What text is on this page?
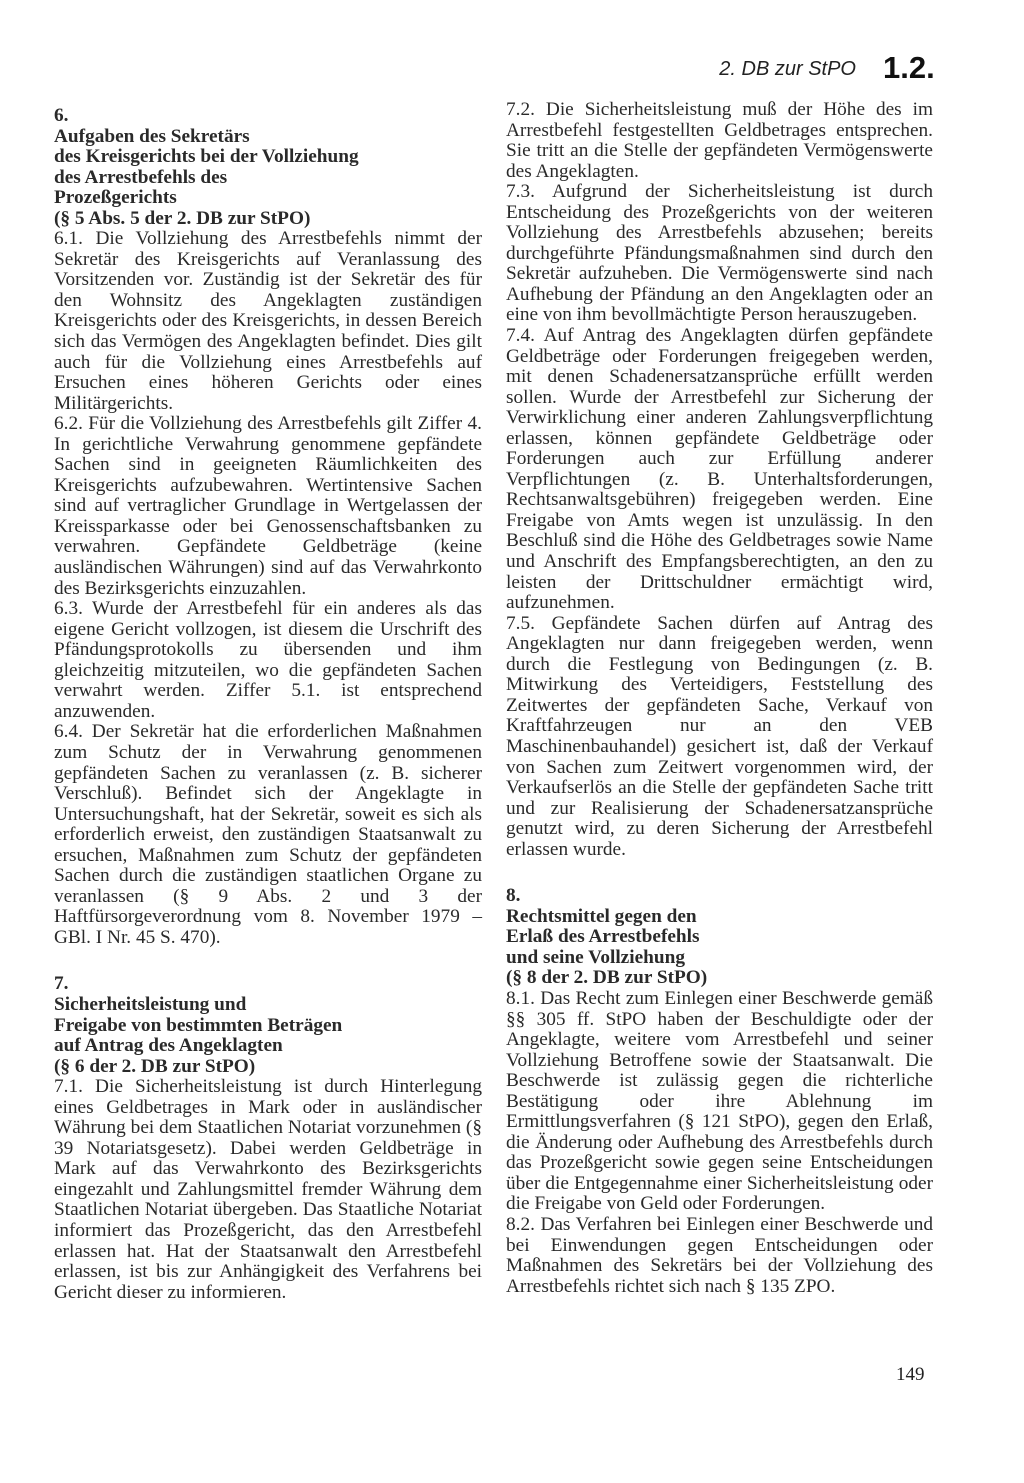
2. DB zur StPO 1.2.
6.
Aufgaben des Sekretärs
des Kreisgerichts bei der Vollziehung
des Arrestbefehls des
Prozeßgerichts
(§ 5 Abs. 5 der 2. DB zur StPO)

6.1. Die Vollziehung des Arrestbefehls nimmt der Sekretär des Kreisgerichts auf Veranlassung des Vorsitzenden vor. Zuständig ist der Sekretär des für den Wohnsitz des Angeklagten zuständigen Kreisgerichts oder des Kreisgerichts, in dessen Bereich sich das Vermögen des Angeklagten befindet. Dies gilt auch für die Vollziehung eines Arrestbefehls auf Ersuchen eines höheren Gerichts oder eines Militärgerichts.

6.2. Für die Vollziehung des Arrestbefehls gilt Ziffer 4. In gerichtliche Verwahrung genommene gepfändete Sachen sind in geeigneten Räumlichkeiten des Kreisgerichts aufzubewahren. Wertintensive Sachen sind auf vertraglicher Grundlage in Wertgelassen der Kreissparkasse oder bei Genossenschaftsbanken zu verwahren. Gepfändete Geldbeträge (keine ausländischen Währungen) sind auf das Verwahrkonto des Bezirksgerichts einzuzahlen.

6.3. Wurde der Arrestbefehl für ein anderes als das eigene Gericht vollzogen, ist diesem die Urschrift des Pfändungsprotokolls zu übersenden und ihm gleichzeitig mitzuteilen, wo die gepfändeten Sachen verwahrt werden. Ziffer 5.1. ist entsprechend anzuwenden.

6.4. Der Sekretär hat die erforderlichen Maßnahmen zum Schutz der in Verwahrung genommenen gepfändeten Sachen zu veranlassen (z. B. sicherer Verschluß). Befindet sich der Angeklagte in Untersuchungshaft, hat der Sekretär, soweit es sich als erforderlich erweist, den zuständigen Staatsanwalt zu ersuchen, Maßnahmen zum Schutz der gepfändeten Sachen durch die zuständigen staatlichen Organe zu veranlassen (§ 9 Abs. 2 und 3 der Haftfürsorgeverordnung vom 8. November 1979 – GBl. I Nr. 45 S. 470).

7.
Sicherheitsleistung und
Freigabe von bestimmten Beträgen
auf Antrag des Angeklagten
(§ 6 der 2. DB zur StPO)

7.1. Die Sicherheitsleistung ist durch Hinterlegung eines Geldbetrages in Mark oder in ausländischer Währung bei dem Staatlichen Notariat vorzunehmen (§ 39 Notariatsgesetz). Dabei werden Geldbeträge in Mark auf das Verwahrkonto des Bezirksgerichts eingezahlt und Zahlungsmittel fremder Währung dem Staatlichen Notariat übergeben. Das Staatliche Notariat informiert das Prozeßgericht, das den Arrestbefehl erlassen hat. Hat der Staatsanwalt den Arrestbefehl erlassen, ist bis zur Anhängigkeit des Verfahrens bei Gericht dieser zu informieren.

7.2. Die Sicherheitsleistung muß der Höhe des im Arrestbefehl festgestellten Geldbetrages entsprechen. Sie tritt an die Stelle der gepfändeten Vermögenswerte des Angeklagten.

7.3. Aufgrund der Sicherheitsleistung ist durch Entscheidung des Prozeßgerichts von der weiteren Vollziehung des Arrestbefehls abzusehen; bereits durchgeführte Pfändungsmaßnahmen sind durch den Sekretär aufzuheben. Die Vermögenswerte sind nach Aufhebung der Pfändung an den Angeklagten oder an eine von ihm bevollmächtigte Person herauszugeben.

7.4. Auf Antrag des Angeklagten dürfen gepfändete Geldbeträge oder Forderungen freigegeben werden, mit denen Schadenersatzansprüche erfüllt werden sollen. Wurde der Arrestbefehl zur Sicherung der Verwirklichung einer anderen Zahlungsverpflichtung erlassen, können gepfändete Geldbeträge oder Forderungen auch zur Erfüllung anderer Verpflichtungen (z. B. Unterhaltsforderungen, Rechtsanwaltsgebühren) freigegeben werden. Eine Freigabe von Amts wegen ist unzulässig. In den Beschluß sind die Höhe des Geldbetrages sowie Name und Anschrift des Empfangsberechtigten, an den zu leisten der Drittschuldner ermächtigt wird, aufzunehmen.

7.5. Gepfändete Sachen dürfen auf Antrag des Angeklagten nur dann freigegeben werden, wenn durch die Festlegung von Bedingungen (z. B. Mitwirkung des Verteidigers, Feststellung des Zeitwertes der gepfändeten Sache, Verkauf von Kraftfahrzeugen nur an den VEB Maschinenbauhandel) gesichert ist, daß der Verkauf von Sachen zum Zeitwert vorgenommen wird, der Verkaufserlös an die Stelle der gepfändeten Sache tritt und zur Realisierung der Schadenersatzansprüche genutzt wird, zu deren Sicherung der Arrestbefehl erlassen wurde.

8.
Rechtsmittel gegen den
Erlaß des Arrestbefehls
und seine Vollziehung
(§ 8 der 2. DB zur StPO)

8.1. Das Recht zum Einlegen einer Beschwerde gemäß §§ 305 ff. StPO haben der Beschuldigte oder der Angeklagte, weitere vom Arrestbefehl und seiner Vollziehung Betroffene sowie der Staatsanwalt. Die Beschwerde ist zulässig gegen die richterliche Bestätigung oder ihre Ablehnung im Ermittlungsverfahren (§ 121 StPO), gegen den Erlaß, die Änderung oder Aufhebung des Arrestbefehls durch das Prozeßgericht sowie gegen seine Entscheidungen über die Entgegennahme einer Sicherheitsleistung oder die Freigabe von Geld oder Forderungen.

8.2. Das Verfahren bei Einlegen einer Beschwerde und bei Einwendungen gegen Entscheidungen oder Maßnahmen des Sekretärs bei der Vollziehung des Arrestbefehls richtet sich nach § 135 ZPO.

149
